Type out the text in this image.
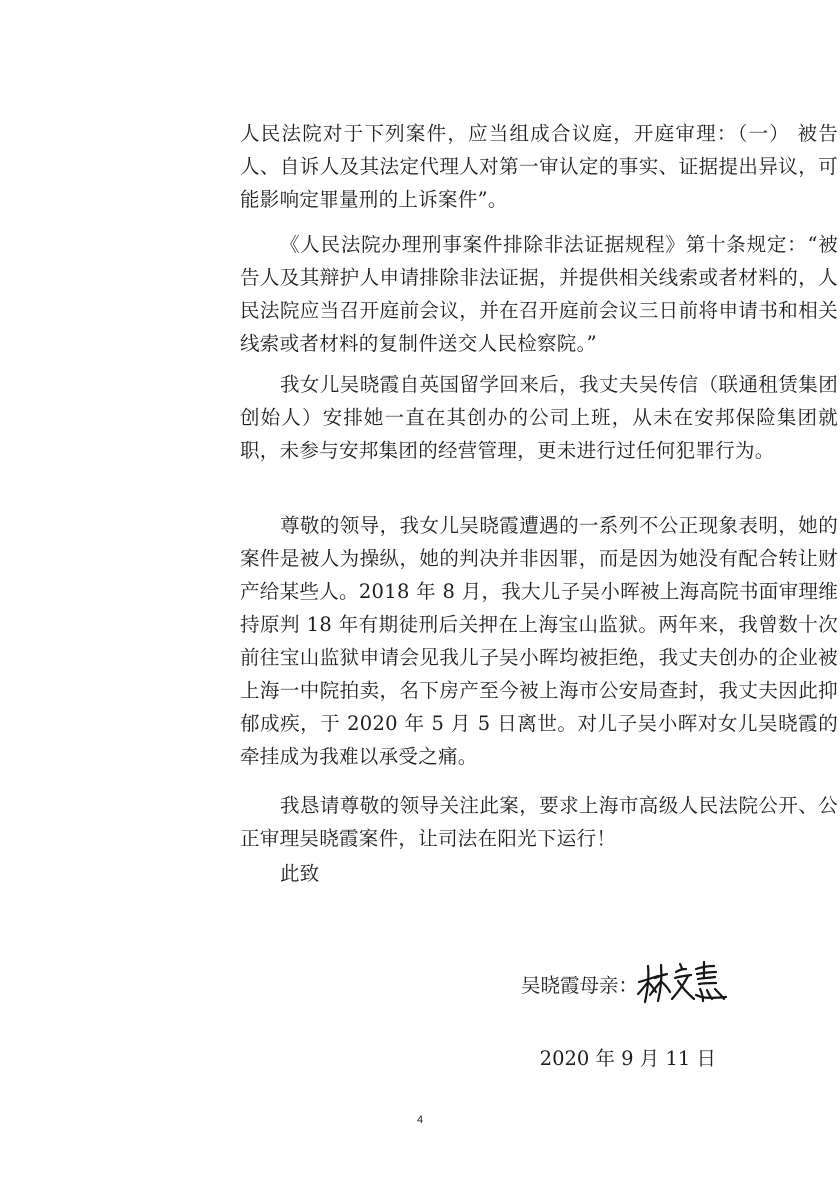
人民法院对于下列案件，应当组成合议庭，开庭审理：（一） 被告人、自诉人及其法定代理人对第一审认定的事实、证据提出异议，可能影响定罪量刑的上诉案件”。

《人民法院办理刑事案件排除非法证据规程》第十条规定：“被告人及其辩护人申请排除非法证据，并提供相关线索或者材料的，人民法院应当召开庭前会议，并在召开庭前会议三日前将申请书和相关线索或者材料的复制件送交人民检察院。”

我女儿吴晓霞自英国留学回来后，我丈夫吴传信（联通租赁集团创始人）安排她一直在其创办的公司上班，从未在安邦保险集团就职，未参与安邦集团的经营管理，更未进行过任何犯罪行为。

尊敬的领导，我女儿吴晓霞遭遇的一系列不公正现象表明，她的案件是被人为操纵，她的判决并非因罪，而是因为她没有配合转让财产给某些人。2018 年 8 月，我大儿子吴小晖被上海高院书面审理维持原判 18 年有期徒刑后关押在上海宝山监狱。两年来，我曾数十次前往宝山监狱申请会见我儿子吴小晖均被拒绝，我丈夫创办的企业被上海一中院拍卖，名下房产至今被上海市公安局查封，我丈夫因此抑郁成疾，于 2020 年 5 月 5 日离世。对儿子吴小晖对女儿吴晓霞的牵挂成为我难以承受之痛。

我恳请尊敬的领导关注此案，要求上海市高级人民法院公开、公正审理吴晓霞案件，让司法在阳光下运行！

此致

吴晓霞母亲：
2020 年 9 月 11 日
4
